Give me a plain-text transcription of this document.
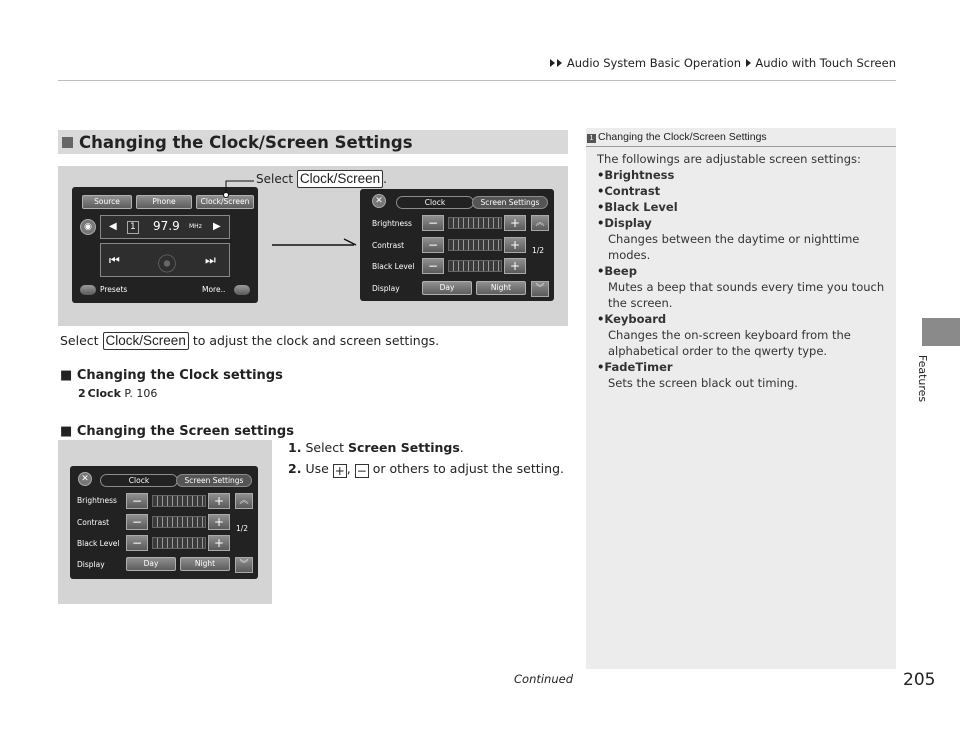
Audio System Basic Operation Audio with Touch Screen
Features
Changing the Clock/Screen Settings
Source	Phone	Clock/Screen
◉	◀	1 97.9 MHz ▶
⏮ ⦿ ⏭
Presets	More..
✕	Clock	Screen Settings
Brightness
Contrast
Black Level
Display
−	+
−	+
−	+
Day	Night
︽
1/2
︾
Select Clock/Screen .
Select Clock/Screen to adjust the clock and screen settings.
■ Changing the Clock settings
2 Clock P. 106
■ Changing the Screen settings
1. Select Screen Settings.
2. Use + , − or others to adjust the setting.
✕	Clock	Screen Settings
Brightness
Contrast
Black Level
Display
−	+
−	+
−	+
Day	Night
︽
1/2
︾
1 Changing the Clock/Screen Settings
The followings are adjustable screen settings:
•Brightness
•Contrast
•Black Level
•Display
Changes between the daytime or nighttime modes.
•Beep
Mutes a beep that sounds every time you touch the screen.
•Keyboard
Changes the on-screen keyboard from the alphabetical order to the qwerty type.
•FadeTimer
Sets the screen black out timing.
Continued	205
